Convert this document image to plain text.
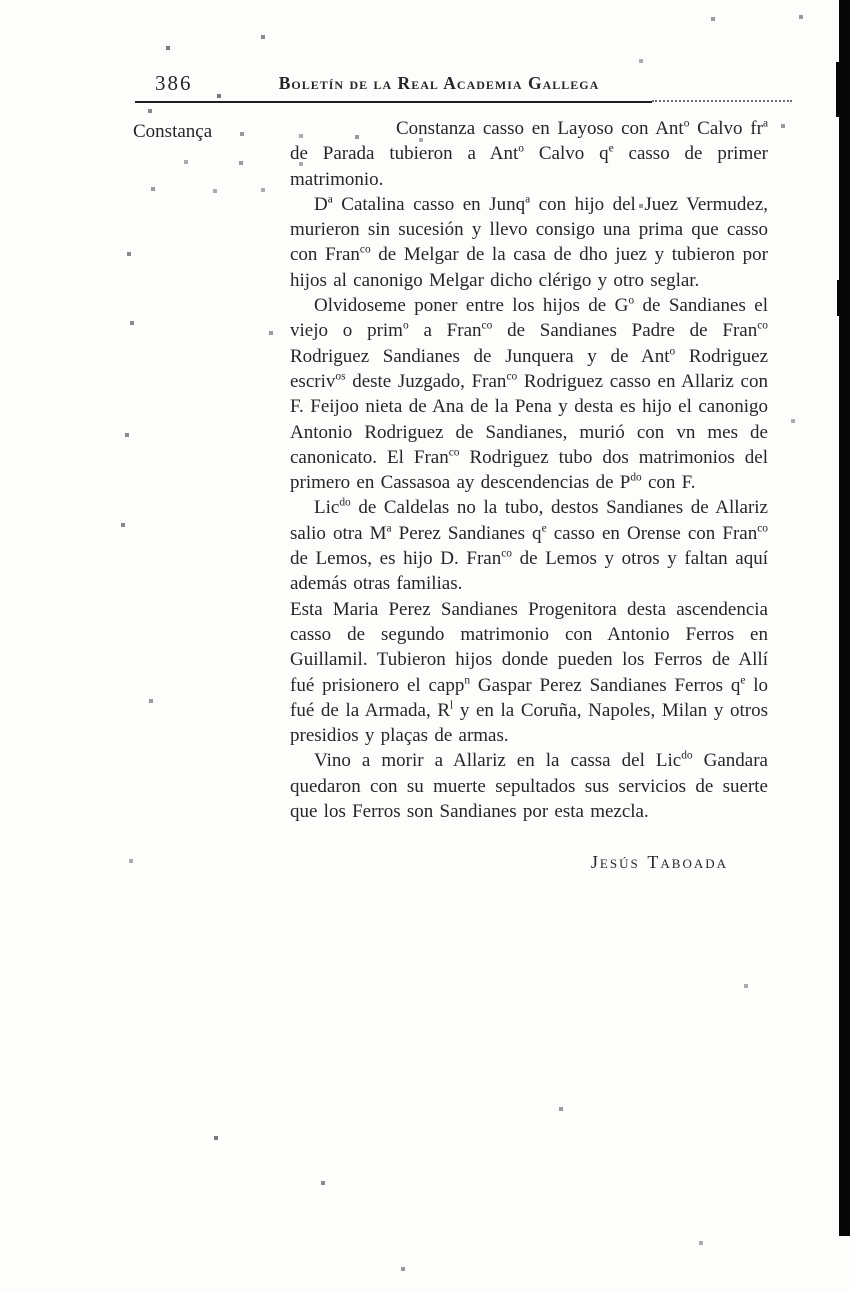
386	Boletín de la Real Academia Gallega
Constança	Constanza casso en Layoso con Ant$^o$ Calvo $fr^a$ de Parada tubieron a Ant$^o$ Calvo $q^e$ casso de primer matrimonio.

$D^a$ Catalina casso en Junq$^a$ con hijo del Juez Vermudez, murieron sin sucesión y llevo consigo una prima que casso con Fran$^{co}$ de Melgar de la casa de dho juez y tubieron por hijos al canonigo Melgar dicho clérigo y otro seglar.

Olvidoseme poner entre los hijos de $G^o$ de Sandianes el viejo o prim$^o$ a Fran$^{co}$ de Sandianes Padre de Fran$^{co}$ Rodriguez Sandianes de Junquera y de Ant$^o$ Rodriguez escriv$^{os}$ deste Juzgado, Fran$^{co}$ Rodriguez casso en Allariz con F. Feijoo nieta de Ana de la Pena y desta es hijo el canonigo Antonio Rodriguez de Sandianes, murió con vn mes de canonicato. El Fran$^{co}$ Rodriguez tubo dos matrimonios del primero en Cassasoa ay descendencias de $P^{do}$ con F.

Lic$^{do}$ de Caldelas no la tubo, destos Sandianes de Allariz salio otra $M^a$ Perez Sandianes $q^e$ casso en Orense con Fran$^{co}$ de Lemos, es hijo D. Fran$^{co}$ de Lemos y otros y faltan aquí además otras familias.

Esta Maria Perez Sandianes Progenitora desta ascendencia casso de segundo matrimonio con Antonio Ferros en Guillamil. Tubieron hijos donde pueden los Ferros de Allí fué prisionero el capp$^n$ Gaspar Perez Sandianes Ferros $q^e$ lo fué de la Armada, $R^l$ y en la Coruña, Napoles, Milan y otros presidios y plaças de armas.

Vino a morir a Allariz en la cassa del Lic$^{do}$ Gandara quedaron con su muerte sepultados sus servicios de suerte que los Ferros son Sandianes por esta mezcla.

Jesús Taboada
